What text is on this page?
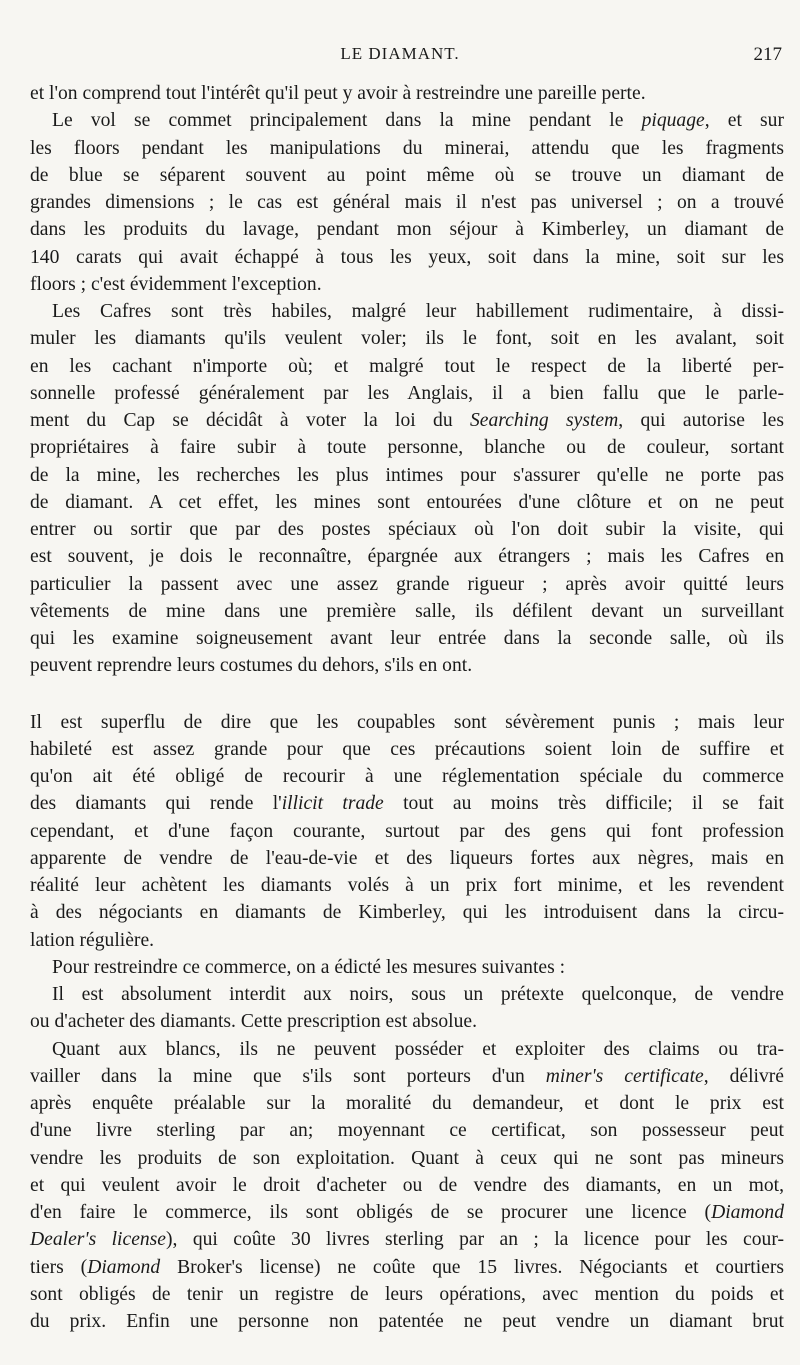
LE DIAMANT.	217
et l'on comprend tout l'intérêt qu'il peut y avoir à restreindre une pareille perte.
Le vol se commet principalement dans la mine pendant le piquage, et sur
les floors pendant les manipulations du minerai, attendu que les fragments
de blue se séparent souvent au point même où se trouve un diamant de
grandes dimensions ; le cas est général mais il n'est pas universel ; on a trouvé
dans les produits du lavage, pendant mon séjour à Kimberley, un diamant de
140 carats qui avait échappé à tous les yeux, soit dans la mine, soit sur les
floors ; c'est évidemment l'exception.
Les Cafres sont très habiles, malgré leur habillement rudimentaire, à dissi-
muler les diamants qu'ils veulent voler; ils le font, soit en les avalant, soit
en les cachant n'importe où; et malgré tout le respect de la liberté per-
sonnelle professé généralement par les Anglais, il a bien fallu que le parle-
ment du Cap se décidât à voter la loi du Searching system, qui autorise les
propriétaires à faire subir à toute personne, blanche ou de couleur, sortant
de la mine, les recherches les plus intimes pour s'assurer qu'elle ne porte pas
de diamant. A cet effet, les mines sont entourées d'une clôture et on ne peut
entrer ou sortir que par des postes spéciaux où l'on doit subir la visite, qui
est souvent, je dois le reconnaître, épargnée aux étrangers ; mais les Cafres en
particulier la passent avec une assez grande rigueur ; après avoir quitté leurs
vêtements de mine dans une première salle, ils défilent devant un surveillant
qui les examine soigneusement avant leur entrée dans la seconde salle, où ils
peuvent reprendre leurs costumes du dehors, s'ils en ont.
Il est superflu de dire que les coupables sont sévèrement punis ; mais leur
habileté est assez grande pour que ces précautions soient loin de suffire et
qu'on ait été obligé de recourir à une réglementation spéciale du commerce
des diamants qui rende l'illicit trade tout au moins très difficile; il se fait
cependant, et d'une façon courante, surtout par des gens qui font profession
apparente de vendre de l'eau-de-vie et des liqueurs fortes aux nègres, mais en
réalité leur achètent les diamants volés à un prix fort minime, et les revendent
à des négociants en diamants de Kimberley, qui les introduisent dans la circu-
lation régulière.
Pour restreindre ce commerce, on a édicté les mesures suivantes :
Il est absolument interdit aux noirs, sous un prétexte quelconque, de vendre
ou d'acheter des diamants. Cette prescription est absolue.
Quant aux blancs, ils ne peuvent posséder et exploiter des claims ou tra-
vailler dans la mine que s'ils sont porteurs d'un miner's certificate, délivré
après enquête préalable sur la moralité du demandeur, et dont le prix est
d'une livre sterling par an; moyennant ce certificat, son possesseur peut
vendre les produits de son exploitation. Quant à ceux qui ne sont pas mineurs
et qui veulent avoir le droit d'acheter ou de vendre des diamants, en un mot,
d'en faire le commerce, ils sont obligés de se procurer une licence (Diamond
Dealer's license), qui coûte 30 livres sterling par an ; la licence pour les cour-
tiers (Diamond Broker's license) ne coûte que 15 livres. Négociants et courtiers
sont obligés de tenir un registre de leurs opérations, avec mention du poids et
du prix. Enfin une personne non patentée ne peut vendre un diamant brut
